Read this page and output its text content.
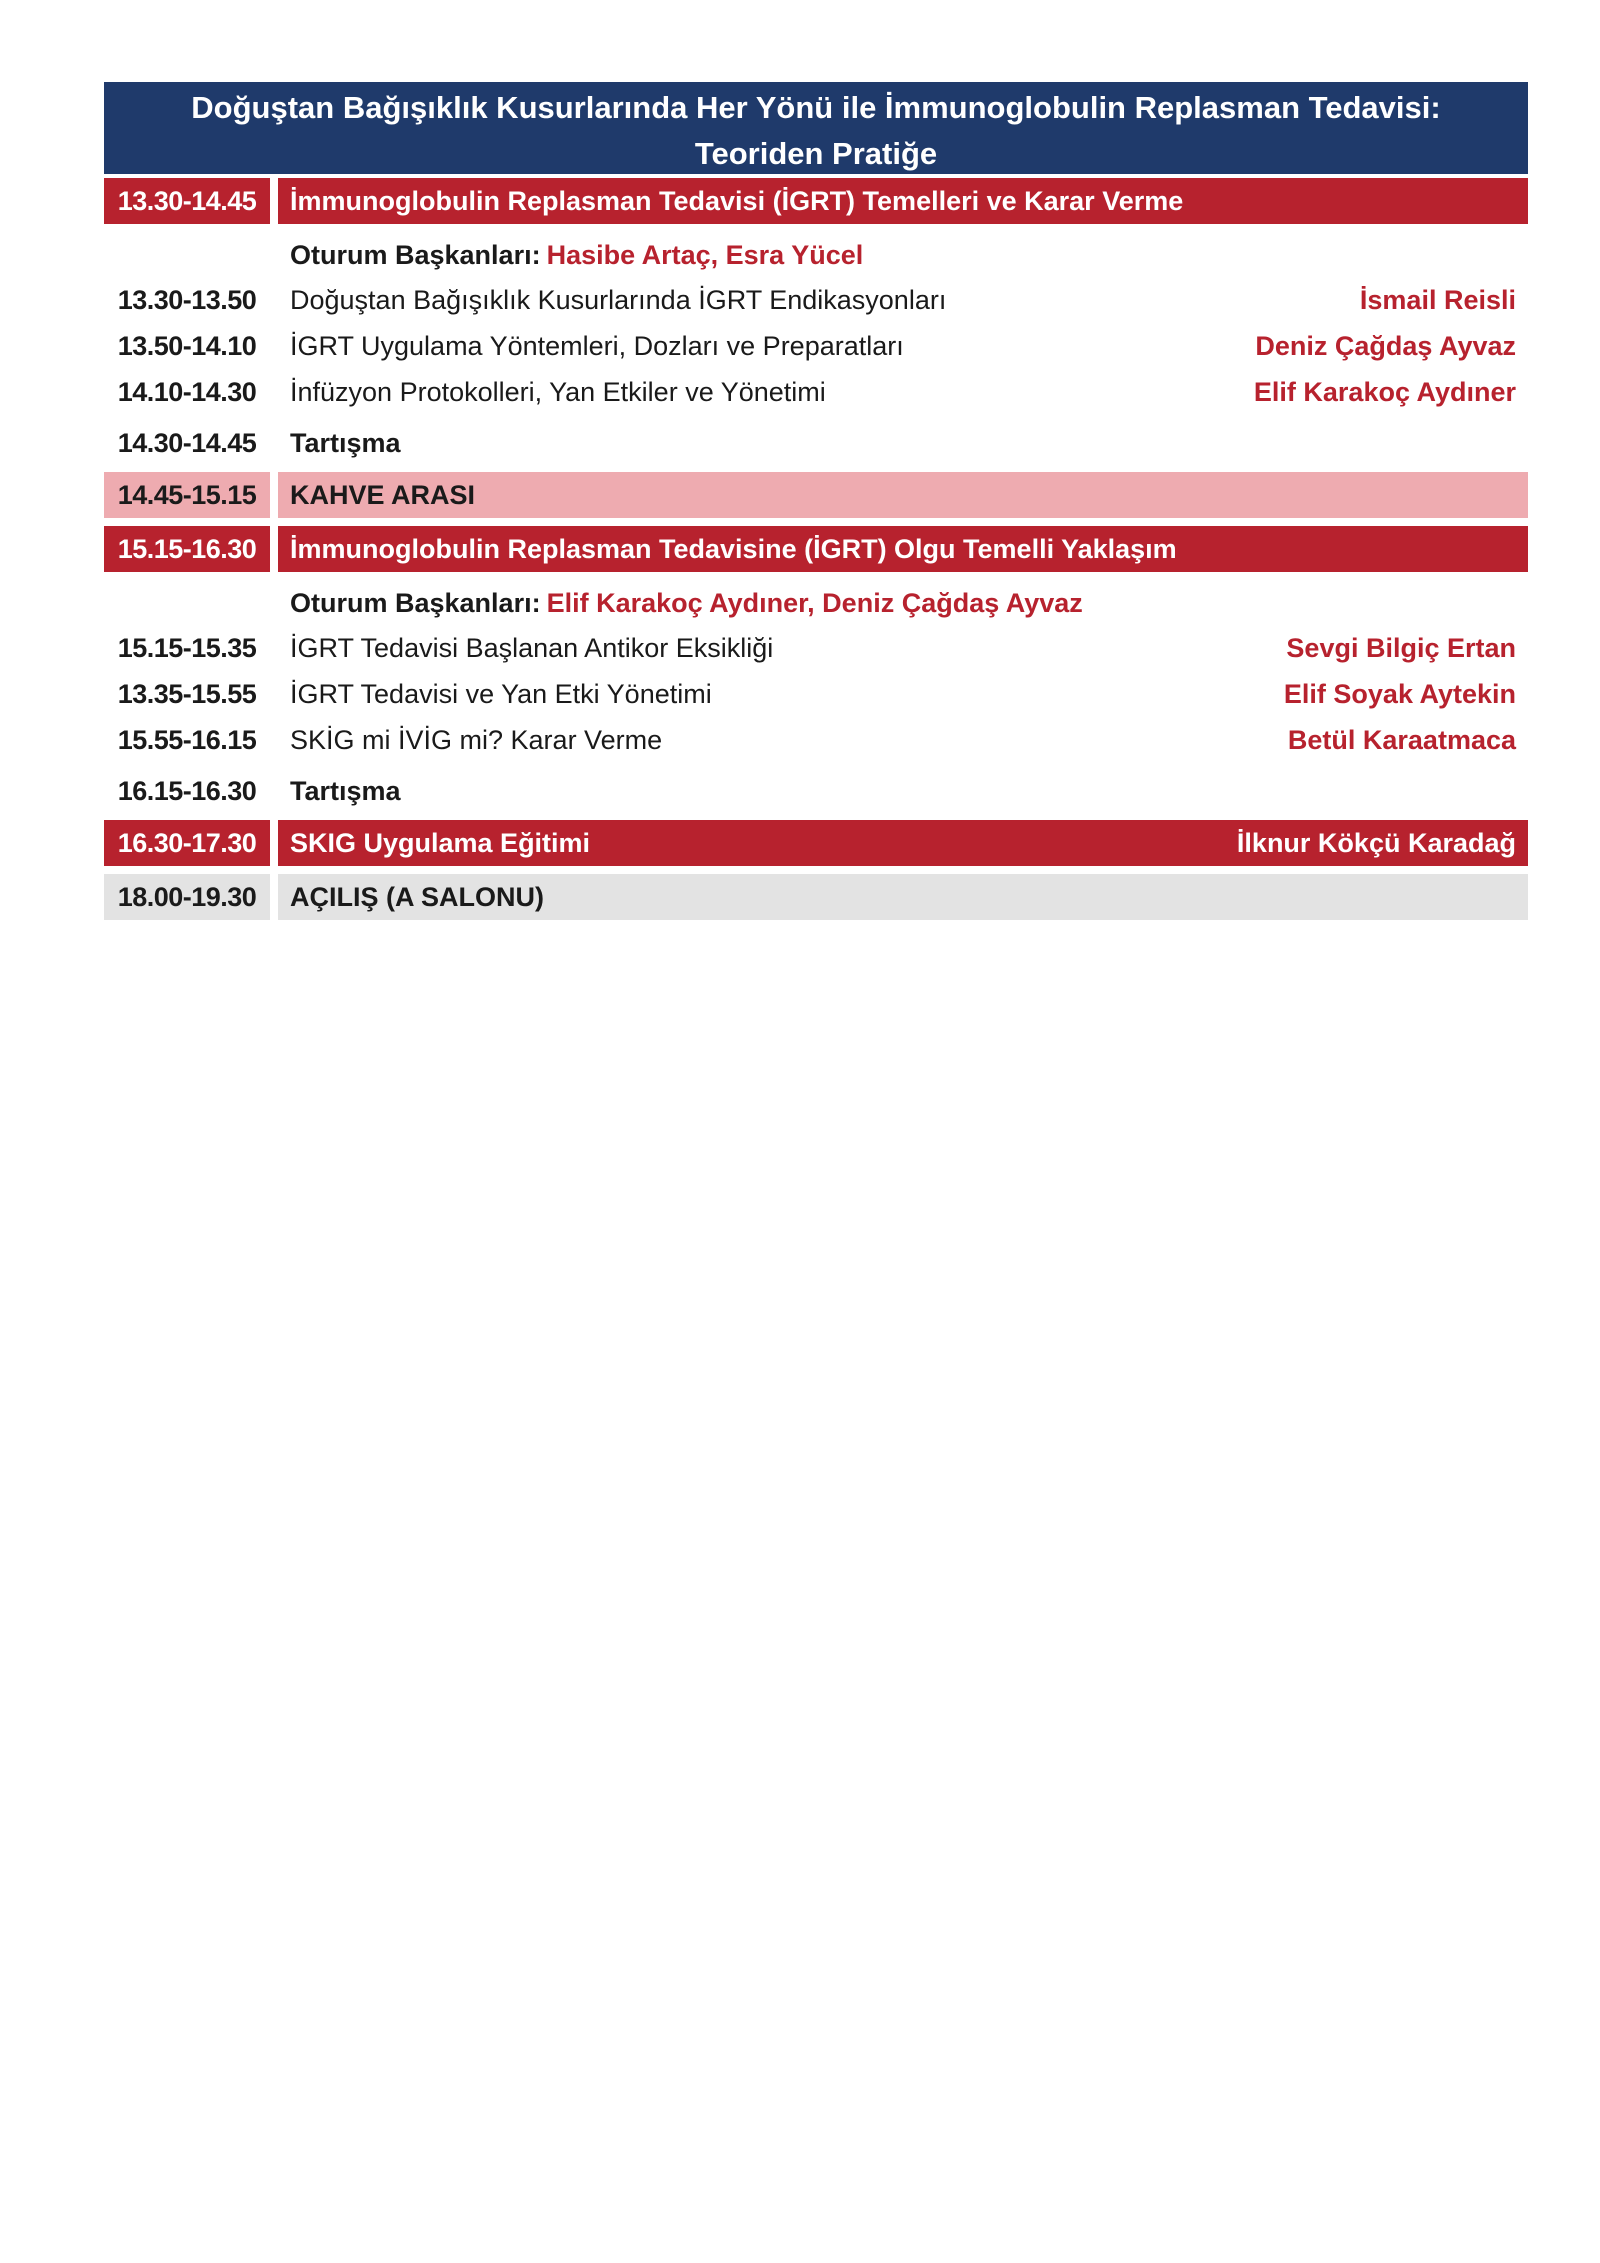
Doğuştan Bağışıklık Kusurlarında Her Yönü ile İmmunoglobulin Replasman Tedavisi:
Teoriden Pratiğe
13.30-14.45	İmmunoglobulin Replasman Tedavisi (İGRT) Temelleri ve Karar Verme
Oturum Başkanları: Hasibe Artaç, Esra Yücel
13.30-13.50	Doğuştan Bağışıklık Kusurlarında İGRT Endikasyonları	İsmail Reisli
13.50-14.10	İGRT Uygulama Yöntemleri, Dozları ve Preparatları	Deniz Çağdaş Ayvaz
14.10-14.30	İnfüzyon Protokolleri, Yan Etkiler ve Yönetimi	Elif Karakoç Aydıner
14.30-14.45	Tartışma
14.45-15.15	KAHVE ARASI
15.15-16.30	İmmunoglobulin Replasman Tedavisine (İGRT) Olgu Temelli Yaklaşım
Oturum Başkanları: Elif Karakoç Aydıner, Deniz Çağdaş Ayvaz
15.15-15.35	İGRT Tedavisi Başlanan Antikor Eksikliği	Sevgi Bilgiç Ertan
13.35-15.55	İGRT Tedavisi ve Yan Etki Yönetimi	Elif Soyak Aytekin
15.55-16.15	SKİG mi İVİG mi? Karar Verme	Betül Karaatmaca
16.15-16.30	Tartışma
16.30-17.30	SKIG Uygulama Eğitimi	İlknur Kökçü Karadağ
18.00-19.30	AÇILIŞ (A SALONU)
